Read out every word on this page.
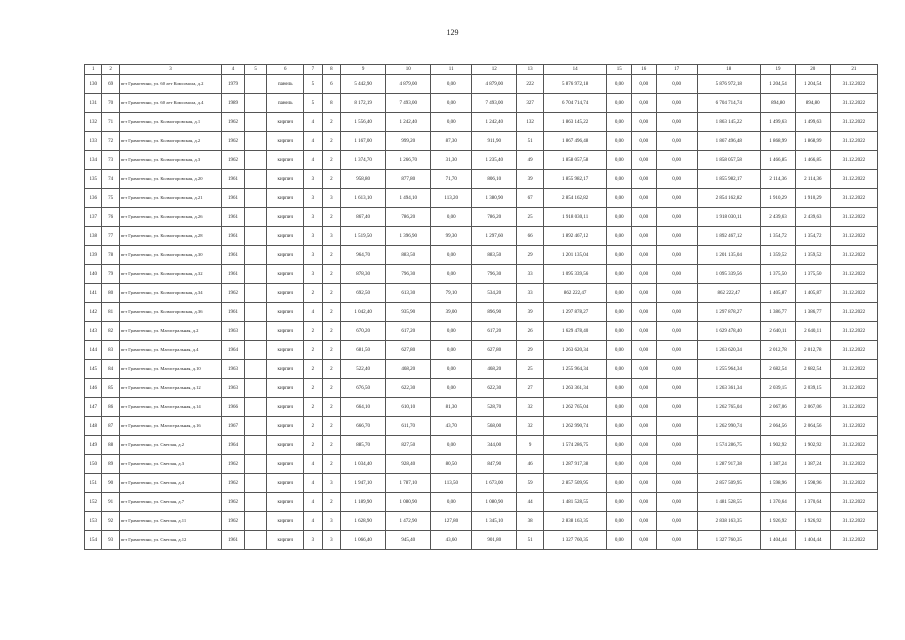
129
1	2	3	4	5	6	7	8	9	10	11	12	13	14	15	16	17	18	19	20	21
130	69	пгт Грамотеино, ул. 60 лет Комсомола, д.2	1979		панель	5	6	5 442,90	4 879,00	0,00	4 879,00	222	5 876 972,18	0,00	0,00	0,00	5 876 972,18	1 204,54	1 204,54	31.12.2022
131	70	пгт Грамотеино, ул. 60 лет Комсомола, д.4	1989		панель	5	8	8 172,19	7 493,00	0,00	7 493,00	327	6 704 714,74	0,00	0,00	0,00	6 704 714,74	894,80	894,80	31.12.2022
132	71	пгт Грамотеино, ул. Колмогоровская, д.1	1962		кирпич	4	2	1 556,40	1 242,40	0,00	1 242,40	132	1 863 145,22	0,00	0,00	0,00	1 863 145,22	1 499,63	1 499,63	31.12.2022
133	72	пгт Грамотеино, ул. Колмогоровская, д.2	1962		кирпич	4	2	1 167,00	999,20	87,30	911,90	51	1 867 496,48	0,00	0,00	0,00	1 867 496,48	1 868,99	1 868,99	31.12.2022
134	73	пгт Грамотеино, ул. Колмогоровская, д.3	1962		кирпич	4	2	1 374,70	1 266,70	31,30	1 235,40	49	1 858 057,58	0,00	0,00	0,00	1 858 057,58	1 466,85	1 466,85	31.12.2022
135	74	пгт Грамотеино, ул. Колмогоровская, д.20	1961		кирпич	3	2	958,80	877,80	71,70	806,10	39	1 855 982,17	0,00	0,00	0,00	1 855 982,17	2 114,36	2 114,36	31.12.2022
136	75	пгт Грамотеино, ул. Колмогоровская, д.21	1961		кирпич	3	3	1 613,10	1 494,10	113,20	1 380,90	67	2 854 162,82	0,00	0,00	0,00	2 854 162,82	1 910,29	1 910,29	31.12.2022
137	76	пгт Грамотеино, ул. Колмогоровская, д.26	1961		кирпич	3	2	867,40	786,20	0,00	786,20	25	1 918 030,11	0,00	0,00	0,00	1 918 030,11	2 439,63	2 439,63	31.12.2022
138	77	пгт Грамотеино, ул. Колмогоровская, д.28	1961		кирпич	3	3	1 519,50	1 396,90	99,30	1 297,60	66	1 892 467,12	0,00	0,00	0,00	1 892 467,12	1 354,72	1 354,72	31.12.2022
139	78	пгт Грамотеино, ул. Колмогоровская, д.30	1961		кирпич	3	2	964,70	883,50	0,00	883,50	29	1 201 135,04	0,00	0,00	0,00	1 201 135,04	1 359,52	1 359,52	31.12.2022
140	79	пгт Грамотеино, ул. Колмогоровская, д.32	1961		кирпич	3	2	878,30	796,30	0,00	796,30	33	1 095 339,56	0,00	0,00	0,00	1 095 339,56	1 375,50	1 375,50	31.12.2022
141	80	пгт Грамотеино, ул. Колмогоровская, д.34	1962		кирпич	2	2	692,50	613,30	79,10	534,20	33	862 222,47	0,00	0,00	0,00	862 222,47	1 405,87	1 405,87	31.12.2022
142	81	пгт Грамотеино, ул. Колмогоровская, д.36	1961		кирпич	4	2	1 042,40	935,90	39,00	896,90	39	1 297 878,27	0,00	0,00	0,00	1 297 878,27	1 386,77	1 386,77	31.12.2022
143	82	пгт Грамотеино, ул. Магистральная, д.2	1963		кирпич	2	2	670,20	617,20	0,00	617,20	26	1 629 478,40	0,00	0,00	0,00	1 629 478,40	2 640,11	2 640,11	31.12.2022
144	83	пгт Грамотеино, ул. Магистральная, д.4	1964		кирпич	2	2	681,50	627,80	0,00	627,80	29	1 263 620,34	0,00	0,00	0,00	1 263 620,34	2 012,78	2 012,78	31.12.2022
145	84	пгт Грамотеино, ул. Магистральная, д.10	1963		кирпич	2	2	522,40	468,20	0,00	468,20	25	1 255 964,34	0,00	0,00	0,00	1 255 964,34	2 682,54	2 682,54	31.12.2022
146	85	пгт Грамотеино, ул. Магистральная, д.12	1963		кирпич	2	2	676,50	622,30	0,00	622,30	27	1 263 361,34	0,00	0,00	0,00	1 263 361,34	2 039,15	2 039,15	31.12.2022
147	86	пгт Грамотеино, ул. Магистральная, д.14	1966		кирпич	2	2	664,10	610,10	81,30	528,70	32	1 262 765,04	0,00	0,00	0,00	1 262 765,04	2 067,06	2 067,06	31.12.2022
148	87	пгт Грамотеино, ул. Магистральная, д.16	1967		кирпич	2	2	666,70	611,70	43,70	568,00	32	1 262 990,74	0,00	0,00	0,00	1 262 990,74	2 064,56	2 064,56	31.12.2022
149	88	пгт Грамотеино, ул. Светлая, д.2	1964		кирпич	2	2	885,70	827,50	0,00	344,00	9	1 574 286,75	0,00	0,00	0,00	1 574 286,75	1 902,92	1 902,92	31.12.2022
150	89	пгт Грамотеино, ул. Светлая, д.3	1962		кирпич	4	2	1 034,40	928,40	80,50	847,90	46	1 287 917,38	0,00	0,00	0,00	1 287 917,38	1 387,24	1 387,24	31.12.2022
151	90	пгт Грамотеино, ул. Светлая, д.4	1962		кирпич	4	3	1 947,10	1 787,10	113,50	1 673,00	59	2 857 509,95	0,00	0,00	0,00	2 857 509,95	1 598,96	1 598,96	31.12.2022
152	91	пгт Грамотеино, ул. Светлая, д.7	1962		кирпич	4	2	1 189,90	1 080,90	0,00	1 080,90	44	1 481 528,55	0,00	0,00	0,00	1 481 528,55	1 370,64	1 370,64	31.12.2022
153	92	пгт Грамотеино, ул. Светлая, д.11	1962		кирпич	4	3	1 628,90	1 472,90	127,80	1 345,10	38	2 838 163,35	0,00	0,00	0,00	2 838 163,35	1 926,92	1 926,92	31.12.2022
154	93	пгт Грамотеино, ул. Светлая, д.12	1961		кирпич	3	3	1 066,40	945,40	43,60	901,80	51	1 327 760,35	0,00	0,00	0,00	1 327 760,35	1 404,44	1 404,44	31.12.2022
